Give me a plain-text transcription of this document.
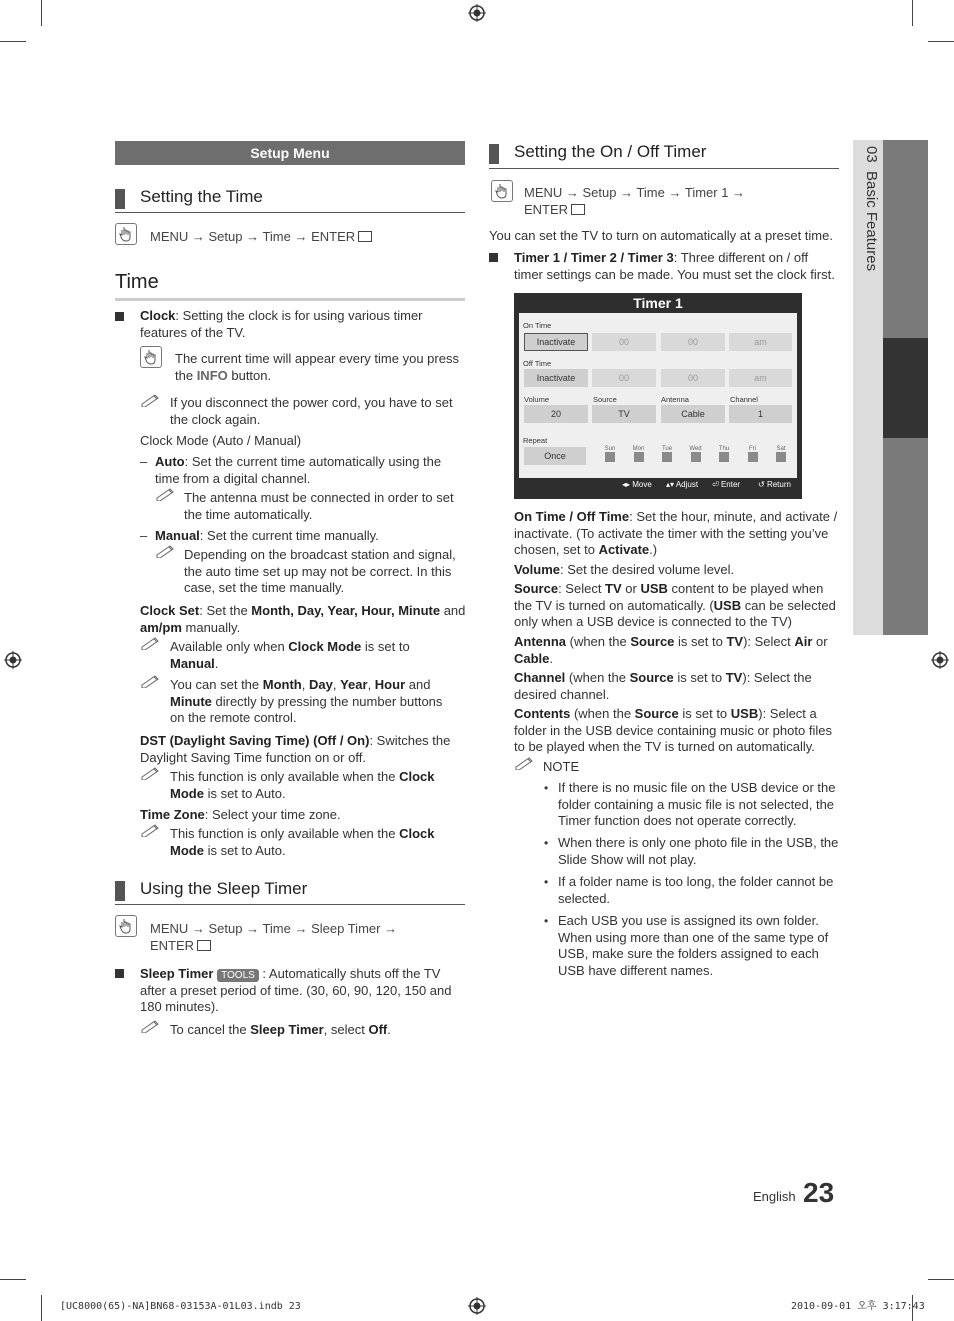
03  Basic Features
Setup Menu
Setting the Time
MENU → Setup → Time → ENTER
Time
Clock: Setting the clock is for using various timer features of the TV.
The current time will appear every time you press the INFO button.
If you disconnect the power cord, you have to set the clock again.
Clock Mode (Auto / Manual)
– Auto: Set the current time automatically using the time from a digital channel.
The antenna must be connected in order to set the time automatically.
– Manual: Set the current time manually.
Depending on the broadcast station and signal, the auto time set up may not be correct. In this case, set the time manually.
Clock Set: Set the Month, Day, Year, Hour, Minute and am/pm manually.
Available only when Clock Mode is set to
Manual.
You can set the Month, Day, Year, Hour and Minute directly by pressing the number buttons on the remote control.
DST (Daylight Saving Time) (Off / On): Switches the Daylight Saving Time function on or off.
This function is only available when the Clock
Mode is set to Auto.
Time Zone: Select your time zone.
This function is only available when the Clock
Mode is set to Auto.
Using the Sleep Timer
MENU → Setup → Time → Sleep Timer →
ENTER
Sleep Timer TOOLS : Automatically shuts off the TV after a preset period of time. (30, 60, 90, 120, 150 and 180 minutes).
To cancel the Sleep Timer, select Off.
Setting the On / Off Timer
MENU → Setup → Time → Timer 1 →
ENTER
You can set the TV to turn on automatically at a preset time.
Timer 1 / Timer 2 / Timer 3: Three different on / off timer settings can be made. You must set the clock first.
Timer 1
On Time
Inactivate	00	00	am
Off Time
Inactivate	00	00	am
Volume	Source	Antenna	Channel
20	TV	Cable	1
Repeat
Once
Sun	Mon	Tue	Wed	Thu	Fri	Sat
◂▸ Move ▴▾ Adjust ⏎ Enter ↺ Return
On Time / Off Time: Set the hour, minute, and activate / inactivate. (To activate the timer with the setting you’ve chosen, set to Activate.)
Volume: Set the desired volume level.
Source: Select TV or USB content to be played when the TV is turned on automatically. (USB can be selected only when a USB device is connected to the TV)
Antenna (when the Source is set to TV): Select Air or Cable.
Channel (when the Source is set to TV): Select the desired channel.
Contents (when the Source is set to USB): Select a folder in the USB device containing music or photo files to be played when the TV is turned on automatically.
NOTE
• If there is no music file on the USB device or the folder containing a music file is not selected, the Timer function does not operate correctly.
• When there is only one photo file in the USB, the Slide Show will not play.
• If a folder name is too long, the folder cannot be selected.
• Each USB you use is assigned its own folder. When using more than one of the same type of USB, make sure the folders assigned to each USB have different names.
English 23
[UC8000(65)-NA]BN68-03153A-01L03.indb 23	2010-09-01 오후 3:17:43
